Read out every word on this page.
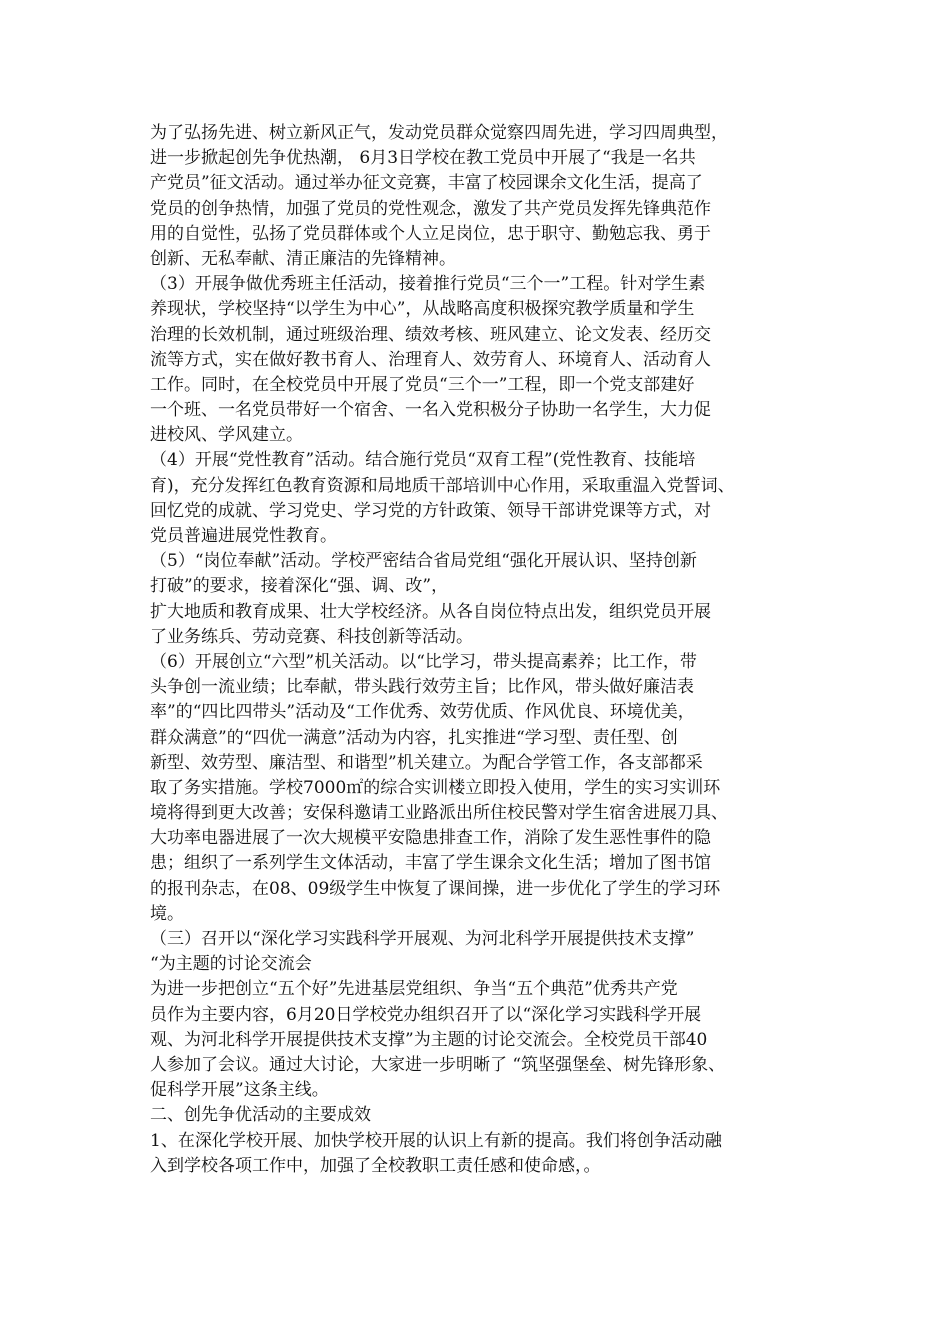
为了弘扬先进、树立新风正气，发动党员群众觉察四周先进，学习四周典型，
进一步掀起创先争优热潮， 6月3日学校在教工党员中开展了“我是一名共
产党员”征文活动。通过举办征文竞赛，丰富了校园课余文化生活，提高了
党员的创争热情，加强了党员的党性观念，激发了共产党员发挥先锋典范作
用的自觉性，弘扬了党员群体或个人立足岗位，忠于职守、勤勉忘我、勇于
创新、无私奉献、清正廉洁的先锋精神。
（3）开展争做优秀班主任活动，接着推行党员“三个一”工程。针对学生素
养现状，学校坚持“以学生为中心”，从战略高度积极探究教学质量和学生
治理的长效机制，通过班级治理、绩效考核、班风建立、论文发表、经历交
流等方式，实在做好教书育人、治理育人、效劳育人、环境育人、活动育人
工作。同时，在全校党员中开展了党员“三个一”工程，即一个党支部建好
一个班、一名党员带好一个宿舍、一名入党积极分子协助一名学生，大力促
进校风、学风建立。
（4）开展“党性教育”活动。结合施行党员“双育工程”(党性教育、技能培
育)，充分发挥红色教育资源和局地质干部培训中心作用，采取重温入党誓词、
回忆党的成就、学习党史、学习党的方针政策、领导干部讲党课等方式，对
党员普遍进展党性教育。
（5）“岗位奉献”活动。学校严密结合省局党组“强化开展认识、坚持创新
打破”的要求，接着深化“强、调、改”，
扩大地质和教育成果、壮大学校经济。从各自岗位特点出发，组织党员开展
了业务练兵、劳动竞赛、科技创新等活动。
（6）开展创立“六型”机关活动。以“比学习，带头提高素养；比工作，带
头争创一流业绩；比奉献，带头践行效劳主旨；比作风，带头做好廉洁表
率”的“四比四带头”活动及“工作优秀、效劳优质、作风优良、环境优美，
群众满意”的“四优一满意”活动为内容，扎实推进“学习型、责任型、创
新型、效劳型、廉洁型、和谐型”机关建立。为配合学管工作，各支部都采
取了务实措施。学校7000㎡的综合实训楼立即投入使用，学生的实习实训环
境将得到更大改善；安保科邀请工业路派出所住校民警对学生宿舍进展刀具、
大功率电器进展了一次大规模平安隐患排查工作，消除了发生恶性事件的隐
患；组织了一系列学生文体活动，丰富了学生课余文化生活；增加了图书馆
的报刊杂志，在08、09级学生中恢复了课间操，进一步优化了学生的学习环
境。
（三）召开以“深化学习实践科学开展观、为河北科学开展提供技术支撑”
“为主题的讨论交流会
为进一步把创立“五个好”先进基层党组织、争当“五个典范”优秀共产党
员作为主要内容，6月20日学校党办组织召开了以“深化学习实践科学开展
观、为河北科学开展提供技术支撑”为主题的讨论交流会。全校党员干部40
人参加了会议。通过大讨论，大家进一步明晰了 “筑坚强堡垒、树先锋形象、
促科学开展”这条主线。
二、创先争优活动的主要成效
1、在深化学校开展、加快学校开展的认识上有新的提高。我们将创争活动融
入到学校各项工作中，加强了全校教职工责任感和使命感，。
